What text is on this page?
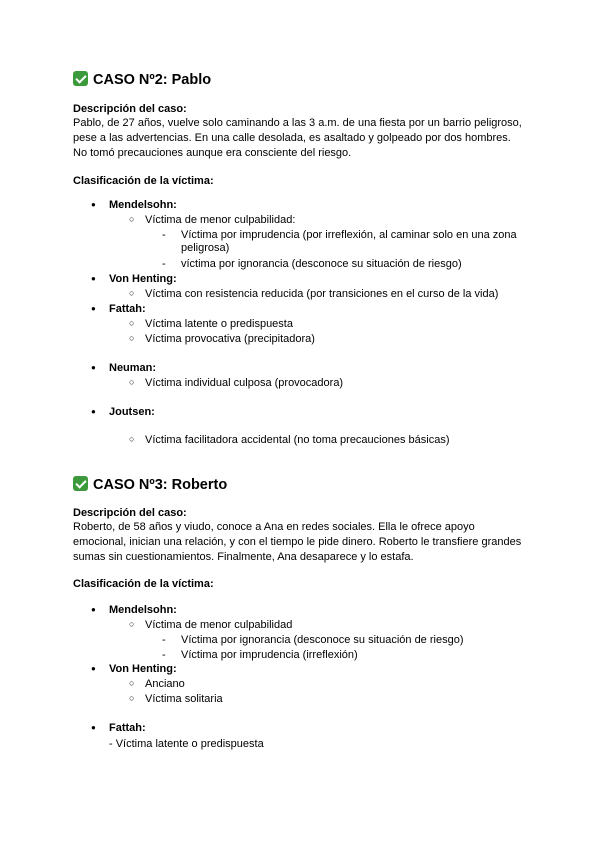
CASO Nº2: Pablo
Descripción del caso:
Pablo, de 27 años, vuelve solo caminando a las 3 a.m. de una fiesta por un barrio peligroso,
pese a las advertencias. En una calle desolada, es asaltado y golpeado por dos hombres.
No tomó precauciones aunque era consciente del riesgo.
Clasificación de la víctima:
● Mendelsohn:
○ Víctima de menor culpabilidad:
- Víctima por imprudencia (por irreflexión, al caminar solo en una zona
peligrosa)
- víctima por ignorancia (desconoce su situación de riesgo)
● Von Henting:
○ Víctima con resistencia reducida (por transiciones en el curso de la vida)
● Fattah:
○ Víctima latente o predispuesta
○ Víctima provocativa (precipitadora)
● Neuman:
○ Víctima individual culposa (provocadora)
● Joutsen:
○ Víctima facilitadora accidental (no toma precauciones básicas)
CASO Nº3: Roberto
Descripción del caso:
Roberto, de 58 años y viudo, conoce a Ana en redes sociales. Ella le ofrece apoyo
emocional, inician una relación, y con el tiempo le pide dinero. Roberto le transfiere grandes
sumas sin cuestionamientos. Finalmente, Ana desaparece y lo estafa.
Clasificación de la víctima:
● Mendelsohn:
○ Víctima de menor culpabilidad
- Víctima por ignorancia (desconoce su situación de riesgo)
- Víctima por imprudencia (irreflexión)
● Von Henting:
○ Anciano
○ Víctima solitaria
● Fattah:
- Víctima latente o predispuesta
